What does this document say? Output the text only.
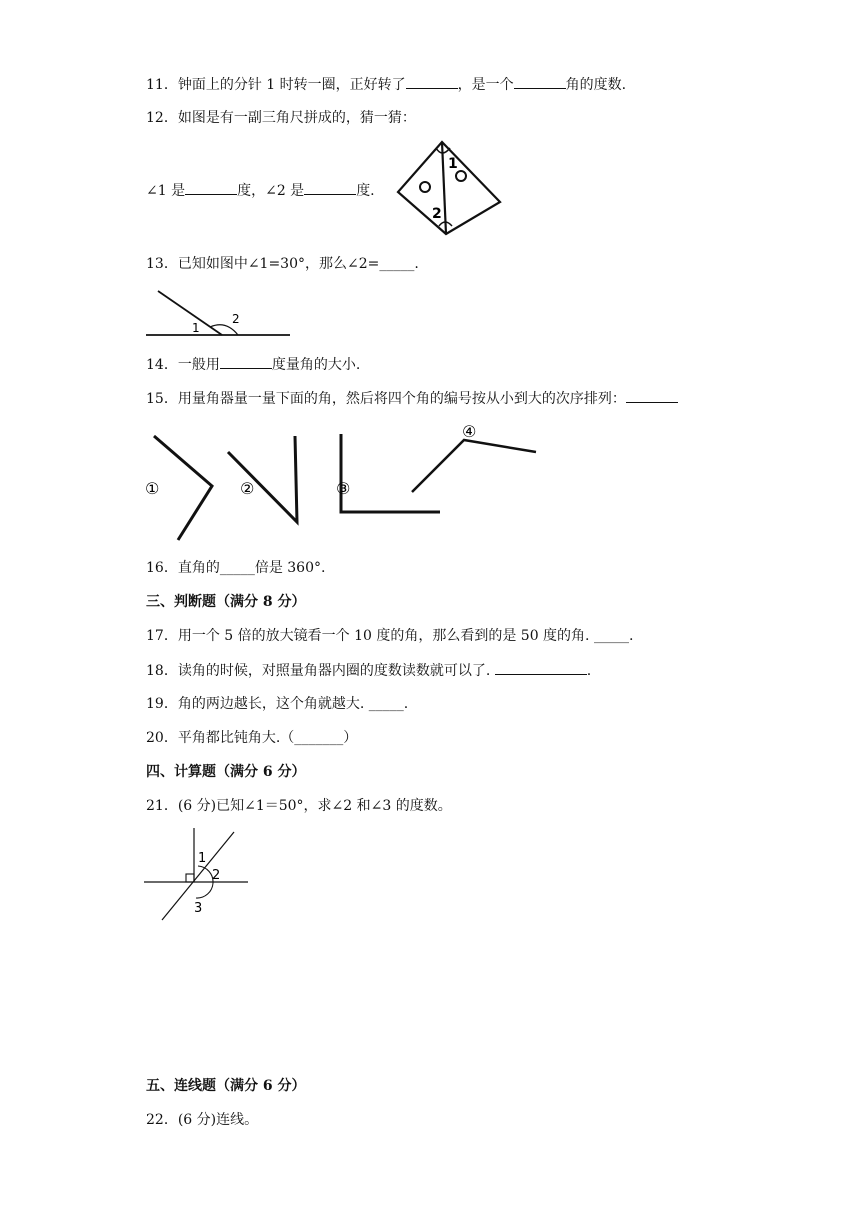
11．钟面上的分针 1 时转一圈，正好转了	，是一个	角的度数.
12．如图是有一副三角尺拼成的，猜一猜：
∠1 是	度，∠2 是	度.
1
2
13．已知如图中∠1=30°，那么∠2=_____.
1
2
14．一般用	度量角的大小.
15．用量角器量一量下面的角，然后将四个角的编号按从小到大的次序排列：
①	②	③
④
16．直角的_____倍是 360°.
三、判断题（满分 8 分）
17．用一个 5 倍的放大镜看一个 10 度的角，那么看到的是 50 度的角. _____.
18．读角的时候，对照量角器内圈的度数读数就可以了.	.
19．角的两边越长，这个角就越大. _____.
20．平角都比钝角大.（_______）
四、计算题（满分 6 分）
21．(6 分)已知∠1＝50°，求∠2 和∠3 的度数。
1
2
3
五、连线题（满分 6 分）
22．(6 分)连线。
